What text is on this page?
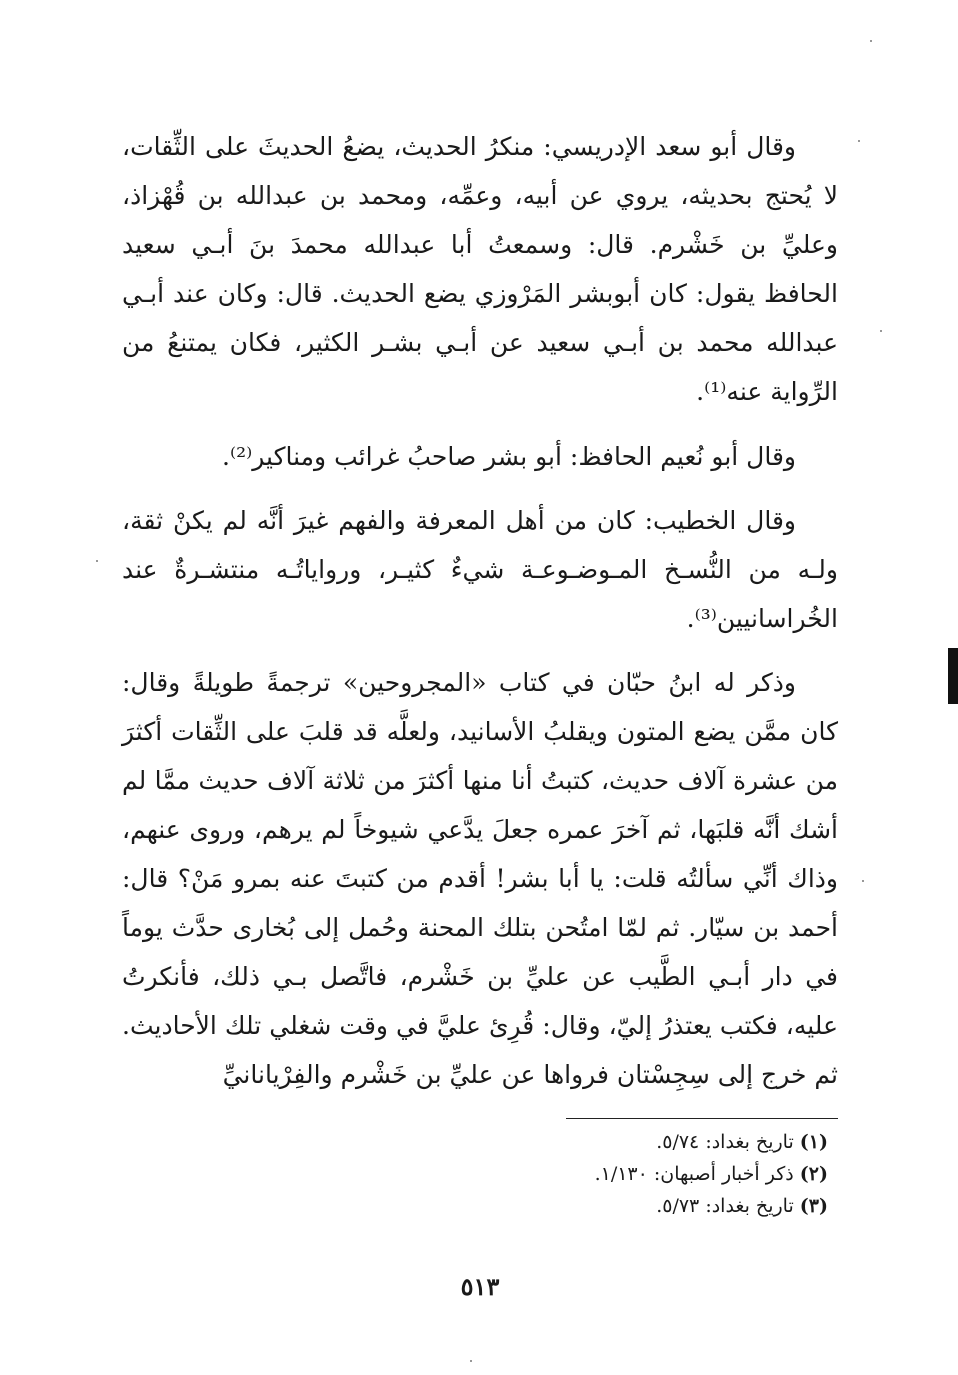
وقال أبو سعد الإدريسي: منكرُ الحديث، يضعُ الحديثَ على الثِّقات، لا يُحتج بحديثه، يروي عن أبيه، وعمِّه، ومحمد بن عبدالله بن قُهْزاذ، وعليِّ بن خَشْرم. قال: وسمعتُ أبا عبدالله محمدَ بنَ أبـي سعيد الحافظ يقول: كان أبوبشر المَرْوزي يضع الحديث. قال: وكان عند أبـي عبدالله محمد بن أبـي سعيد عن أبـي بشـر الكثير، فكان يمتنعُ من الرِّواية عنه⁽¹⁾.

وقال أبو نُعيم الحافظ: أبو بشر صاحبُ غرائب ومناكير⁽²⁾.

وقال الخطيب: كان من أهل المعرفة والفهم غيرَ أنَّه لم يكنْ ثقة، ولـه من النُّسـخ المـوضـوعـة شيءٌ كثيـر، ورواياتُـه منتشـرةٌ عند الخُراسانيين⁽³⁾.

وذكر له ابنُ حبّان في كتاب «المجروحين» ترجمةً طويلةً وقال: كان ممَّن يضع المتون ويقلبُ الأسانيد، ولعلَّه قد قلبَ على الثِّقات أكثرَ من عشرة آلاف حديث، كتبتُ أنا منها أكثرَ من ثلاثة آلاف حديث ممَّا لم أشك أنَّه قلبَها، ثم آخرَ عمره جعلَ يدَّعي شيوخاً لم يرهم، وروى عنهم، وذاك أنِّي سألتُه قلت: يا أبا بشر! أقدم من كتبتَ عنه بمرو مَنْ؟ قال: أحمد بن سيّار. ثم لمّا امتُحن بتلك المحنة وحُمل إلى بُخارى حدَّث يوماً في دار أبـي الطَّيب عن عليِّ بن خَشْرم، فاتَّصل بـي ذلك، فأنكرتُ عليه، فكتب يعتذرُ إليّ، وقال: قُرِئ عليَّ في وقت شغلي تلك الأحاديث. ثم خرج إلى سِجِسْتان فرواها عن عليِّ بن خَشْرم والفِرْيانانيِّ

(١) تاريخ بغداد: ٥/٧٤.

(٢) ذكر أخبار أصبهان: ١/١٣٠.

(٣) تاريخ بغداد: ٥/٧٣.

٥١٣
